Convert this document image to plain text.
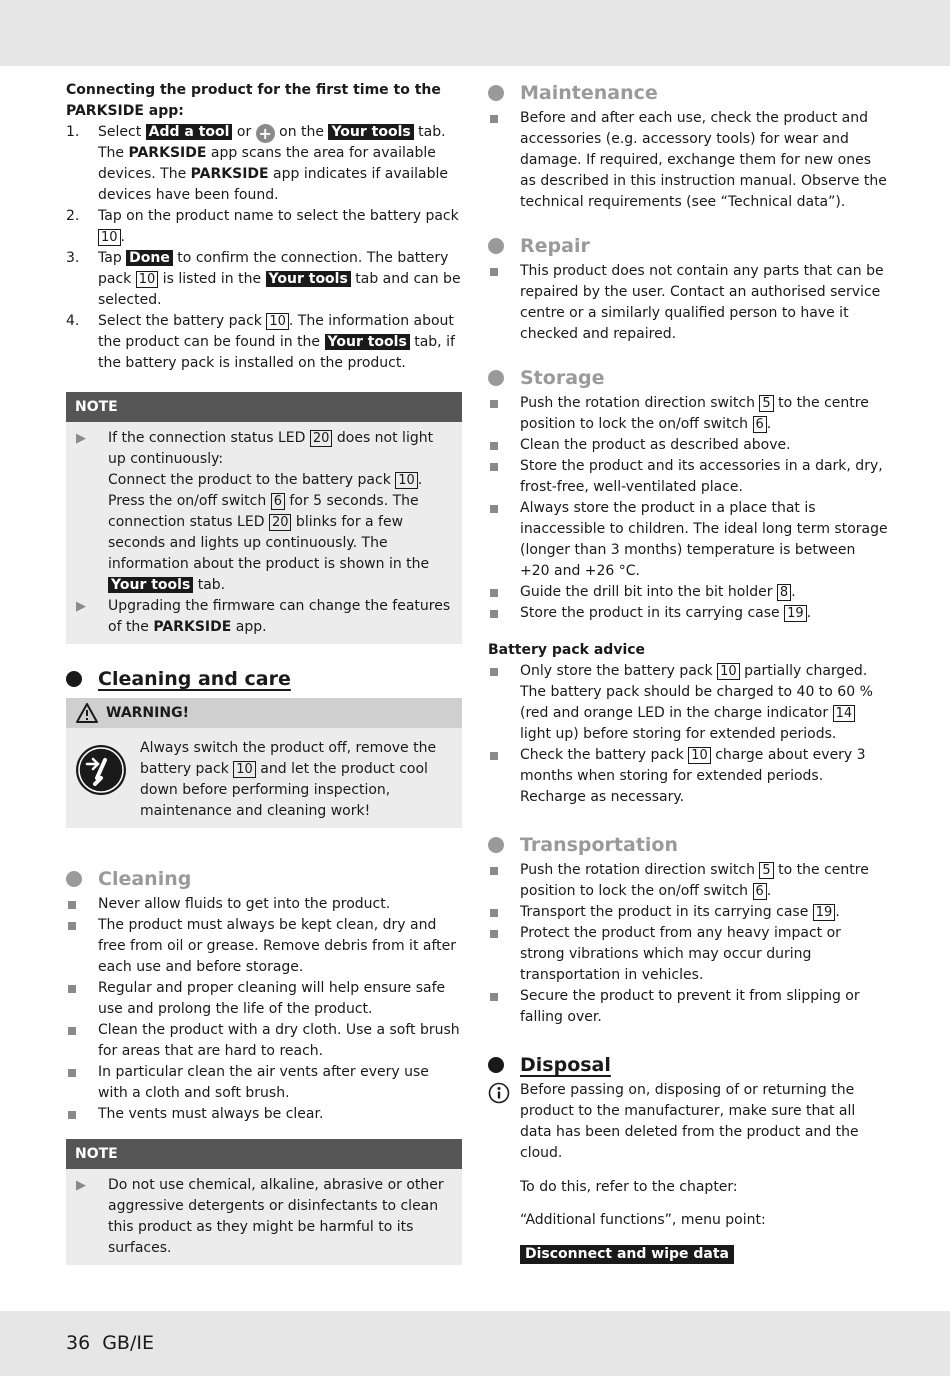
Connecting the product for the first time to the PARKSIDE app:
1. Select Add a tool or + on the Your tools tab. The PARKSIDE app scans the area for available devices. The PARKSIDE app indicates if available devices have been found.
2. Tap on the product name to select the battery pack 10 .
3. Tap Done to confirm the connection. The battery pack 10 is listed in the Your tools tab and can be selected.
4. Select the battery pack 10 . The information about the product can be found in the Your tools tab, if the battery pack is installed on the product.
NOTE
▶ If the connection status LED 20 does not light up continuously:
Connect the product to the battery pack 10 .
Press the on/off switch 6 for 5 seconds. The connection status LED 20 blinks for a few seconds and lights up continuously. The information about the product is shown in the Your tools tab.
▶ Upgrading the firmware can change the features of the PARKSIDE app.
Cleaning and care
WARNING!
Always switch the product off, remove the battery pack 10 and let the product cool down before performing inspection, maintenance and cleaning work!
Cleaning
Never allow fluids to get into the product.
The product must always be kept clean, dry and free from oil or grease. Remove debris from it after each use and before storage.
Regular and proper cleaning will help ensure safe use and prolong the life of the product.
Clean the product with a dry cloth. Use a soft brush for areas that are hard to reach.
In particular clean the air vents after every use with a cloth and soft brush.
The vents must always be clear.
NOTE
▶ Do not use chemical, alkaline, abrasive or other aggressive detergents or disinfectants to clean this product as they might be harmful to its surfaces.
Maintenance
Before and after each use, check the product and accessories (e.g. accessory tools) for wear and damage. If required, exchange them for new ones as described in this instruction manual. Observe the technical requirements (see “Technical data”).
Repair
This product does not contain any parts that can be repaired by the user. Contact an authorised service centre or a similarly qualified person to have it checked and repaired.
Storage
Push the rotation direction switch 5 to the centre position to lock the on/off switch 6 .
Clean the product as described above.
Store the product and its accessories in a dark, dry, frost-free, well-ventilated place.
Always store the product in a place that is inaccessible to children. The ideal long term storage (longer than 3 months) temperature is between +20 and +26 °C.
Guide the drill bit into the bit holder 8 .
Store the product in its carrying case 19 .
Battery pack advice
Only store the battery pack 10 partially charged. The battery pack should be charged to 40 to 60 % (red and orange LED in the charge indicator 14 light up) before storing for extended periods.
Check the battery pack 10 charge about every 3 months when storing for extended periods. Recharge as necessary.
Transportation
Push the rotation direction switch 5 to the centre position to lock the on/off switch 6 .
Transport the product in its carrying case 19 .
Protect the product from any heavy impact or strong vibrations which may occur during transportation in vehicles.
Secure the product to prevent it from slipping or falling over.
Disposal
Before passing on, disposing of or returning the product to the manufacturer, make sure that all data has been deleted from the product and the cloud.
To do this, refer to the chapter:
“Additional functions”, menu point:
Disconnect and wipe data
36 GB/IE
